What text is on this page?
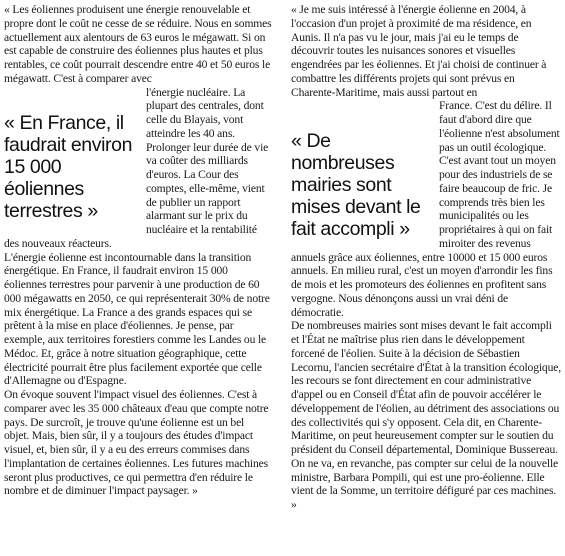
« Les éoliennes produisent une énergie renouvelable et propre dont le coût ne cesse de se réduire. Nous en sommes actuellement aux alentours de 63 euros le mégawatt. Si on est capable de construire des éoliennes plus hautes et plus rentables, ce coût pourrait descendre entre 40 et 50 euros le mégawatt. C'est à comparer avec

« En France, il faudrait environ 15 000 éoliennes terrestres »

l'énergie nucléaire. La plupart des centrales, dont celle du Blayais, vont atteindre les 40 ans. Prolonger leur durée de vie va coûter des milliards d'euros. La Cour des comptes, elle-même, vient de publier un rapport alarmant sur le prix du nucléaire et la rentabilité des nouveaux réacteurs.

L'énergie éolienne est incontournable dans la transition énergétique. En France, il faudrait environ 15 000 éoliennes terrestres pour parvenir à une production de 60 000 mégawatts en 2050, ce qui représenterait 30% de notre mix énergétique. La France a des grands espaces qui se prêtent à la mise en place d'éoliennes. Je pense, par exemple, aux territoires forestiers comme les Landes ou le Médoc. Et, grâce à notre situation géographique, cette électricité pourrait être plus facilement exportée que celle d'Allemagne ou d'Espagne.

On évoque souvent l'impact visuel des éoliennes. C'est à comparer avec les 35 000 châteaux d'eau que compte notre pays. De surcroît, je trouve qu'une éolienne est un bel objet. Mais, bien sûr, il y a toujours des études d'impact visuel, et, bien sûr, il y a eu des erreurs commises dans l'implantation de certaines éoliennes. Les futures machines seront plus productives, ce qui permettra d'en réduire le nombre et de diminuer l'impact paysager. »

« Je me suis intéressé à l'énergie éolienne en 2004, à l'occasion d'un projet à proximité de ma résidence, en Aunis. Il n'a pas vu le jour, mais j'ai eu le temps de découvrir toutes les nuisances sonores et visuelles engendrées par les éoliennes. Et j'ai choisi de continuer à combattre les différents projets qui sont prévus en Charente-Maritime, mais aussi partout en

« De nombreuses mairies sont mises devant le fait accompli »

France. C'est du délire. Il faut d'abord dire que l'éolienne n'est absolument pas un outil écologique. C'est avant tout un moyen pour des industriels de se faire beaucoup de fric. Je comprends très bien les municipalités ou les propriétaires à qui on fait miroiter des revenus annuels grâce aux éoliennes, entre 10000 et 15 000 euros annuels. En milieu rural, c'est un moyen d'arrondir les fins de mois et les promoteurs des éoliennes en profitent sans vergogne. Nous dénonçons aussi un vrai déni de démocratie.

De nombreuses mairies sont mises devant le fait accompli et l'État ne maîtrise plus rien dans le développement forcené de l'éolien. Suite à la décision de Sébastien Lecornu, l'ancien secrétaire d'État à la transition écologique, les recours se font directement en cour administrative d'appel ou en Conseil d'État afin de pouvoir accélérer le développement de l'éolien, au détriment des associations ou des collectivités qui s'y opposent. Cela dit, en Charente-Maritime, on peut heureusement compter sur le soutien du président du Conseil départemental, Dominique Bussereau.

On ne va, en revanche, pas compter sur celui de la nouvelle ministre, Barbara Pompili, qui est une pro-éolienne. Elle vient de la Somme, un territoire défiguré par ces machines. »
